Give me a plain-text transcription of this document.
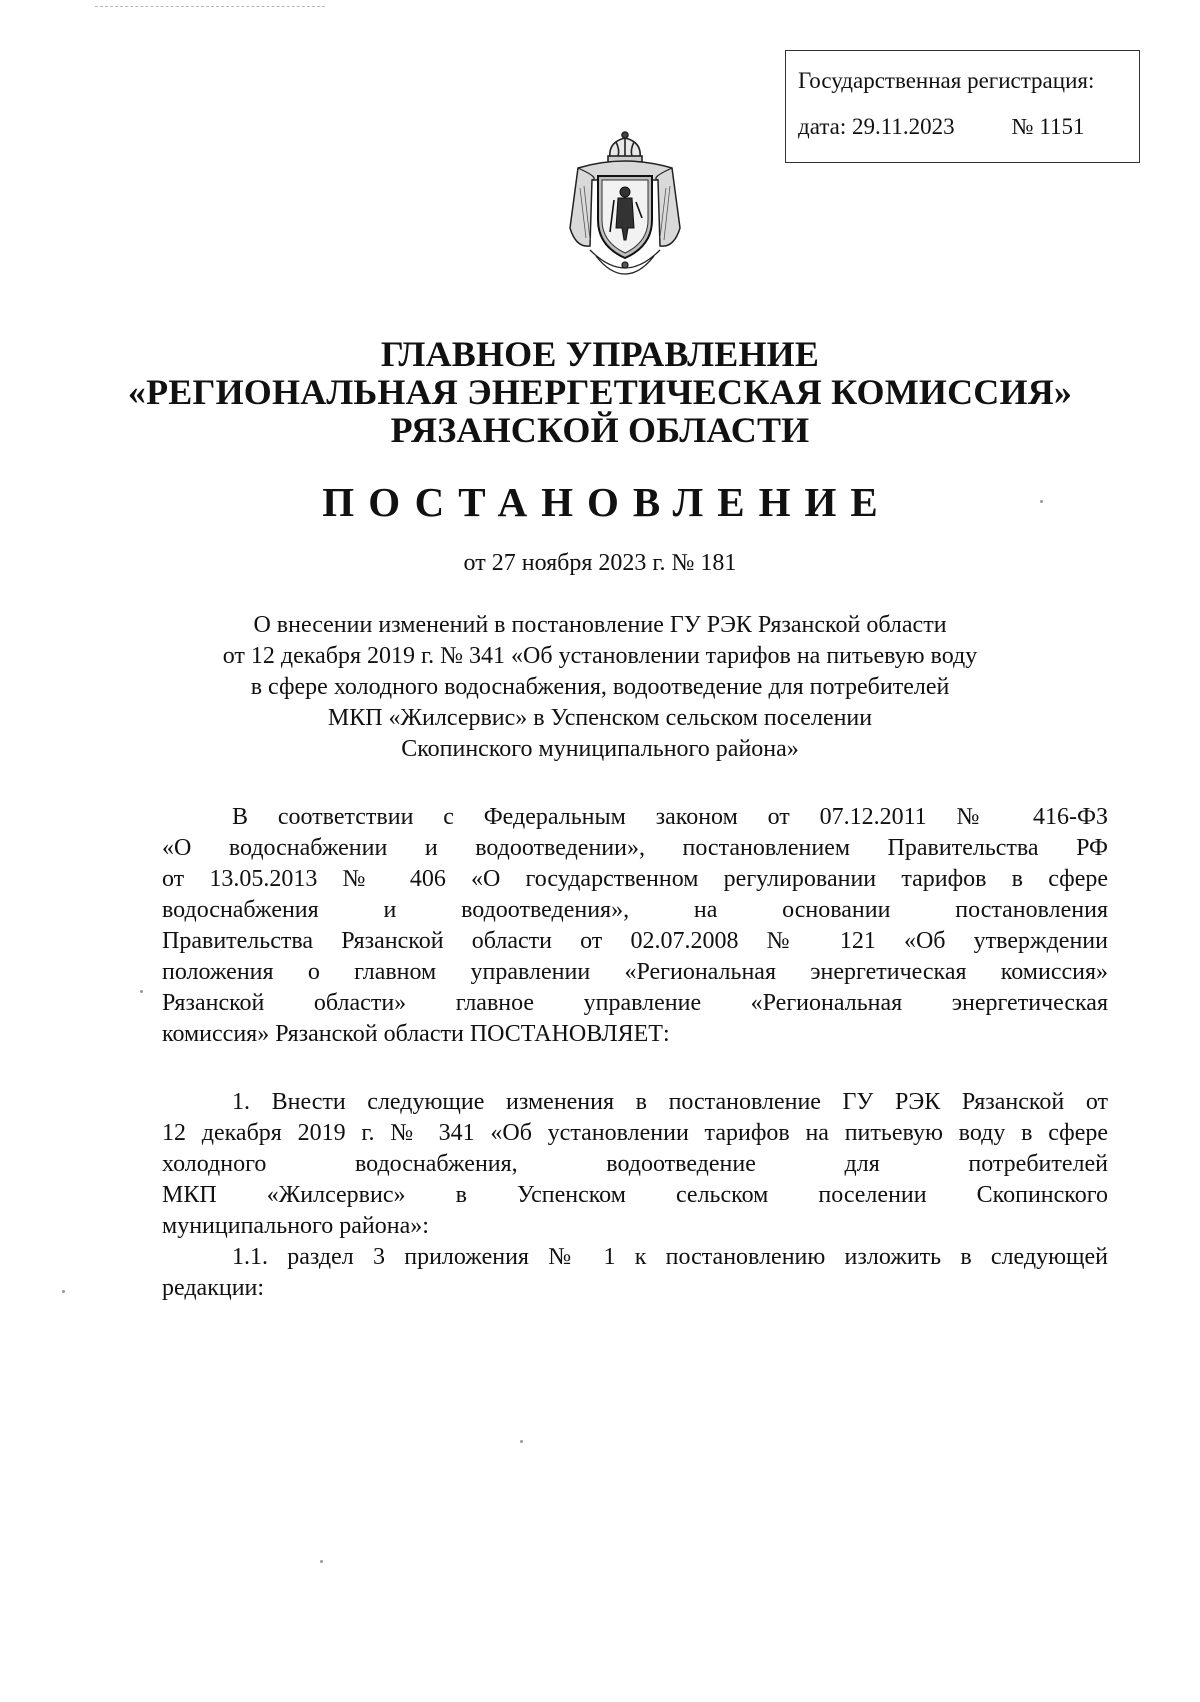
Государственная регистрация:
дата: 29.11.2023 № 1151
ГЛАВНОЕ УПРАВЛЕНИЕ
«РЕГИОНАЛЬНАЯ ЭНЕРГЕТИЧЕСКАЯ КОМИССИЯ»
РЯЗАНСКОЙ ОБЛАСТИ
ПОСТАНОВЛЕНИЕ
от 27 ноября 2023 г. № 181
О внесении изменений в постановление ГУ РЭК Рязанской области
от 12 декабря 2019 г. № 341 «Об установлении тарифов на питьевую воду
в сфере холодного водоснабжения, водоотведение для потребителей
МКП «Жилсервис» в Успенском сельском поселении
Скопинского муниципального района»
В соответствии с Федеральным законом от 07.12.2011 № 416-ФЗ
«О водоснабжении и водоотведении», постановлением Правительства РФ
от 13.05.2013 № 406 «О государственном регулировании тарифов в сфере
водоснабжения и водоотведения», на основании постановления
Правительства Рязанской области от 02.07.2008 № 121 «Об утверждении
положения о главном управлении «Региональная энергетическая комиссия»
Рязанской области» главное управление «Региональная энергетическая
комиссия» Рязанской области ПОСТАНОВЛЯЕТ:
1. Внести следующие изменения в постановление ГУ РЭК Рязанской от
12 декабря 2019 г. № 341 «Об установлении тарифов на питьевую воду в сфере
холодного водоснабжения, водоотведение для потребителей
МКП «Жилсервис» в Успенском сельском поселении Скопинского
муниципального района»:
1.1. раздел 3 приложения № 1 к постановлению изложить в следующей
редакции:
